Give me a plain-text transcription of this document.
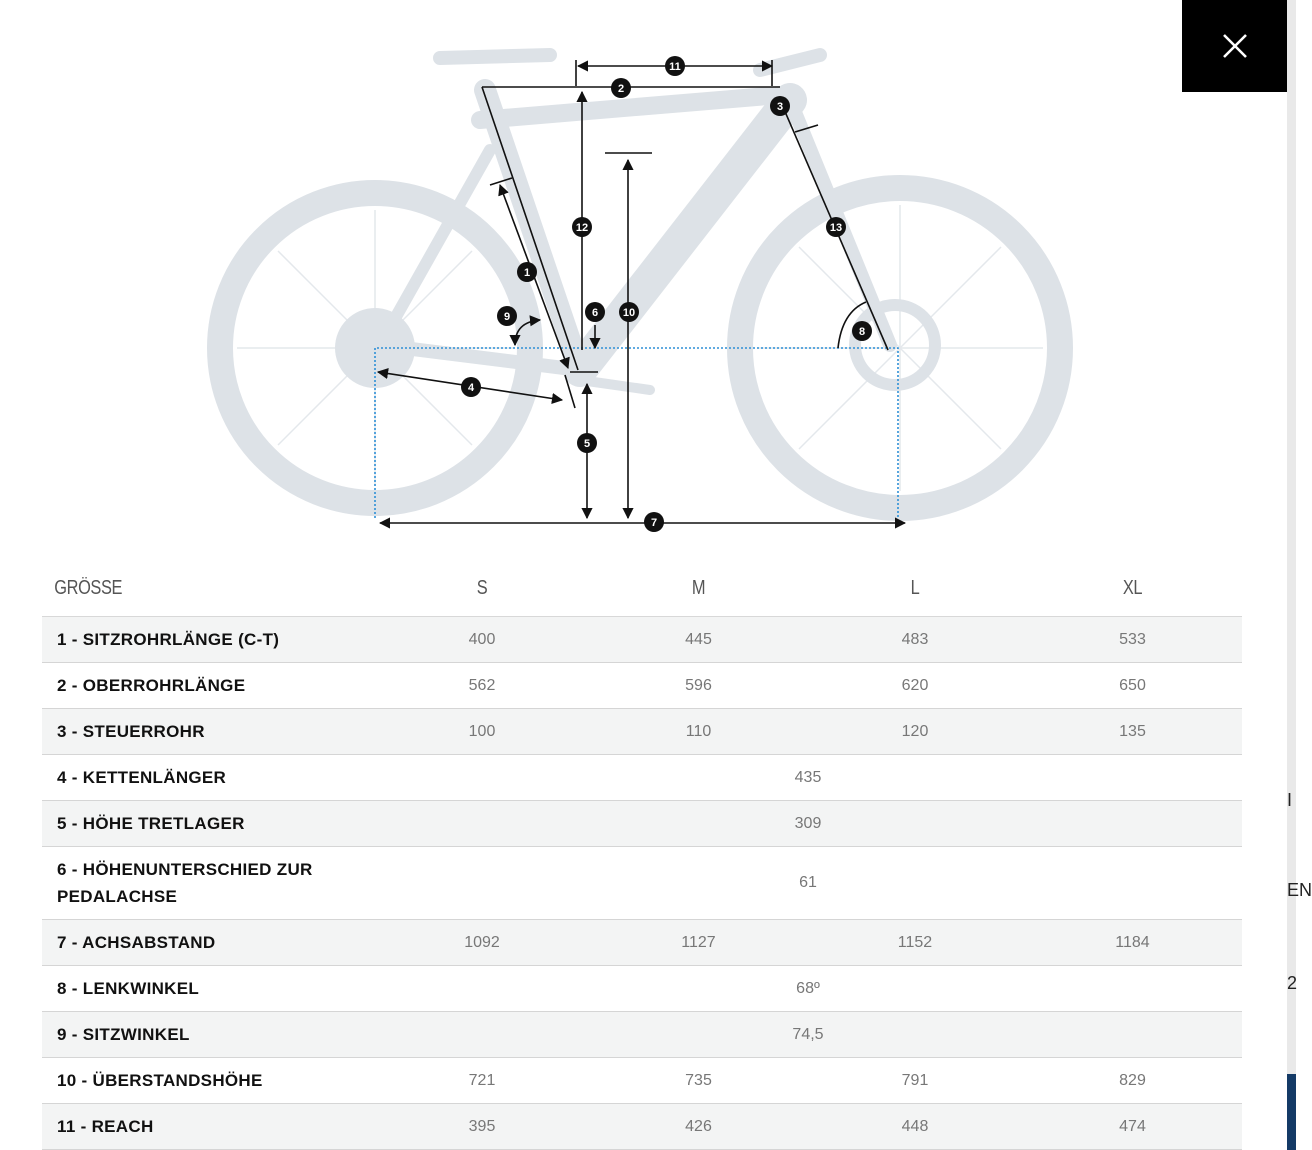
1
2
3
4
5
6
7
8
9	10
11
12	13
I
EN
2
GRÖSSE	S	M	L	XL
1 - SITZROHRLÄNGE (C-T)	400	445	483	533
2 - OBERROHRLÄNGE	562	596	620	650
3 - STEUERROHR	100	110	120	135
4 - KETTENLÄNGER	435			
5 - HÖHE TRETLAGER	309			
6 - HÖHENUNTERSCHIED ZUR PEDALACHSE	61			
7 - ACHSABSTAND	1092	1127	1152	1184
8 - LENKWINKEL	68º			
9 - SITZWINKEL	74,5			
10 - ÜBERSTANDSHÖHE	721	735	791	829
11 - REACH	395	426	448	474
